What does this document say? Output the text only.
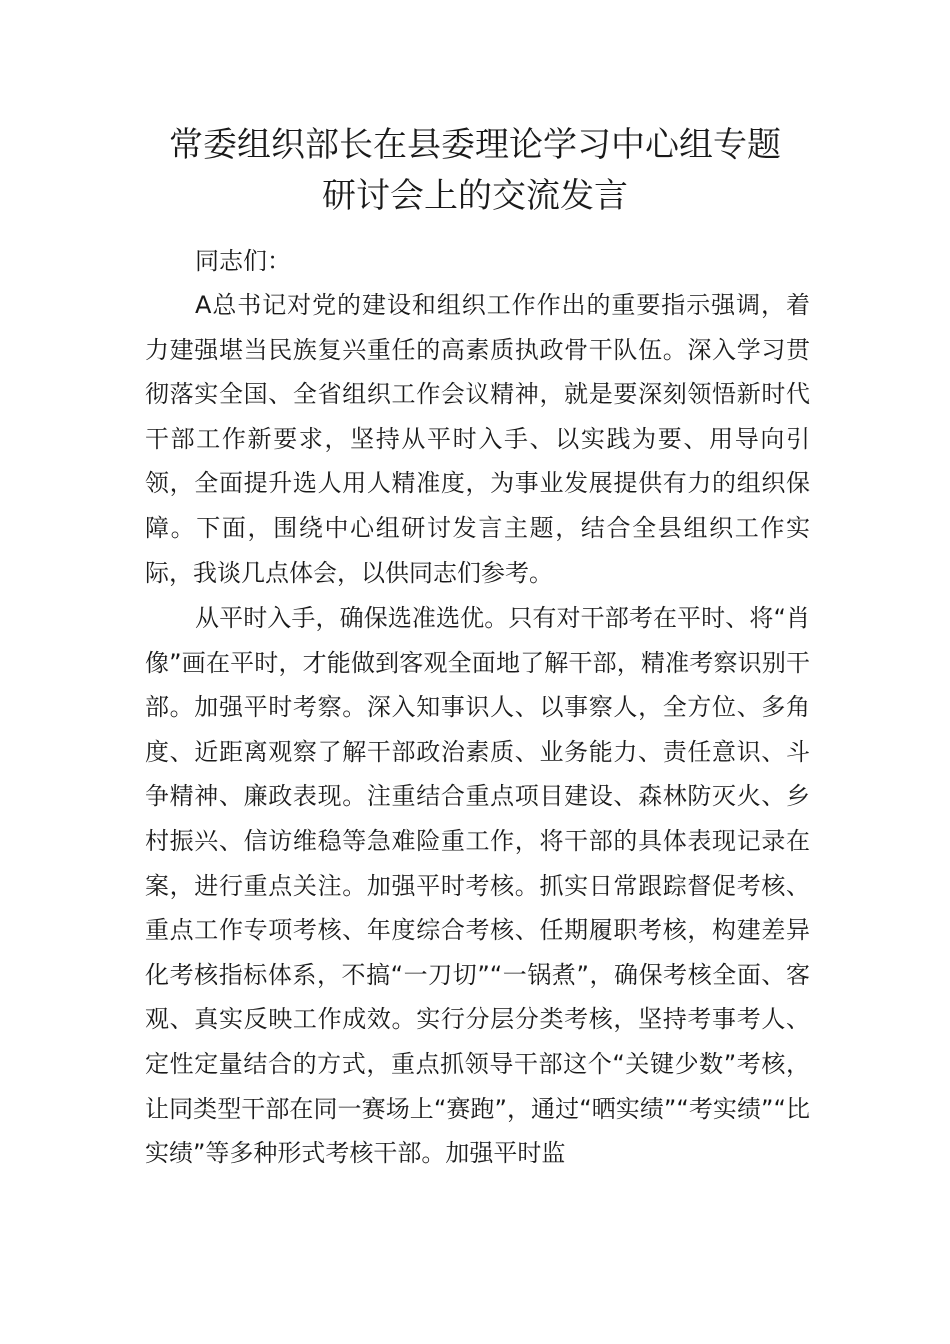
常委组织部长在县委理论学习中心组专题
研讨会上的交流发言

同志们：

A总书记对党的建设和组织工作作出的重要指示强调，着力建强堪当民族复兴重任的高素质执政骨干队伍。深入学习贯彻落实全国、全省组织工作会议精神，就是要深刻领悟新时代干部工作新要求，坚持从平时入手、以实践为要、用导向引领，全面提升选人用人精准度，为事业发展提供有力的组织保障。下面，围绕中心组研讨发言主题，结合全县组织工作实际，我谈几点体会，以供同志们参考。

从平时入手，确保选准选优。只有对干部考在平时、将“肖像”画在平时，才能做到客观全面地了解干部，精准考察识别干部。加强平时考察。深入知事识人、以事察人，全方位、多角度、近距离观察了解干部政治素质、业务能力、责任意识、斗争精神、廉政表现。注重结合重点项目建设、森林防灭火、乡村振兴、信访维稳等急难险重工作，将干部的具体表现记录在案，进行重点关注。加强平时考核。抓实日常跟踪督促考核、重点工作专项考核、年度综合考核、任期履职考核，构建差异化考核指标体系，不搞“一刀切”“一锅煮”，确保考核全面、客观、真实反映工作成效。实行分层分类考核，坚持考事考人、定性定量结合的方式，重点抓领导干部这个“关键少数”考核，让同类型干部在同一赛场上“赛跑”，通过“晒实绩”“考实绩”“比实绩”等多种形式考核干部。加强平时监
